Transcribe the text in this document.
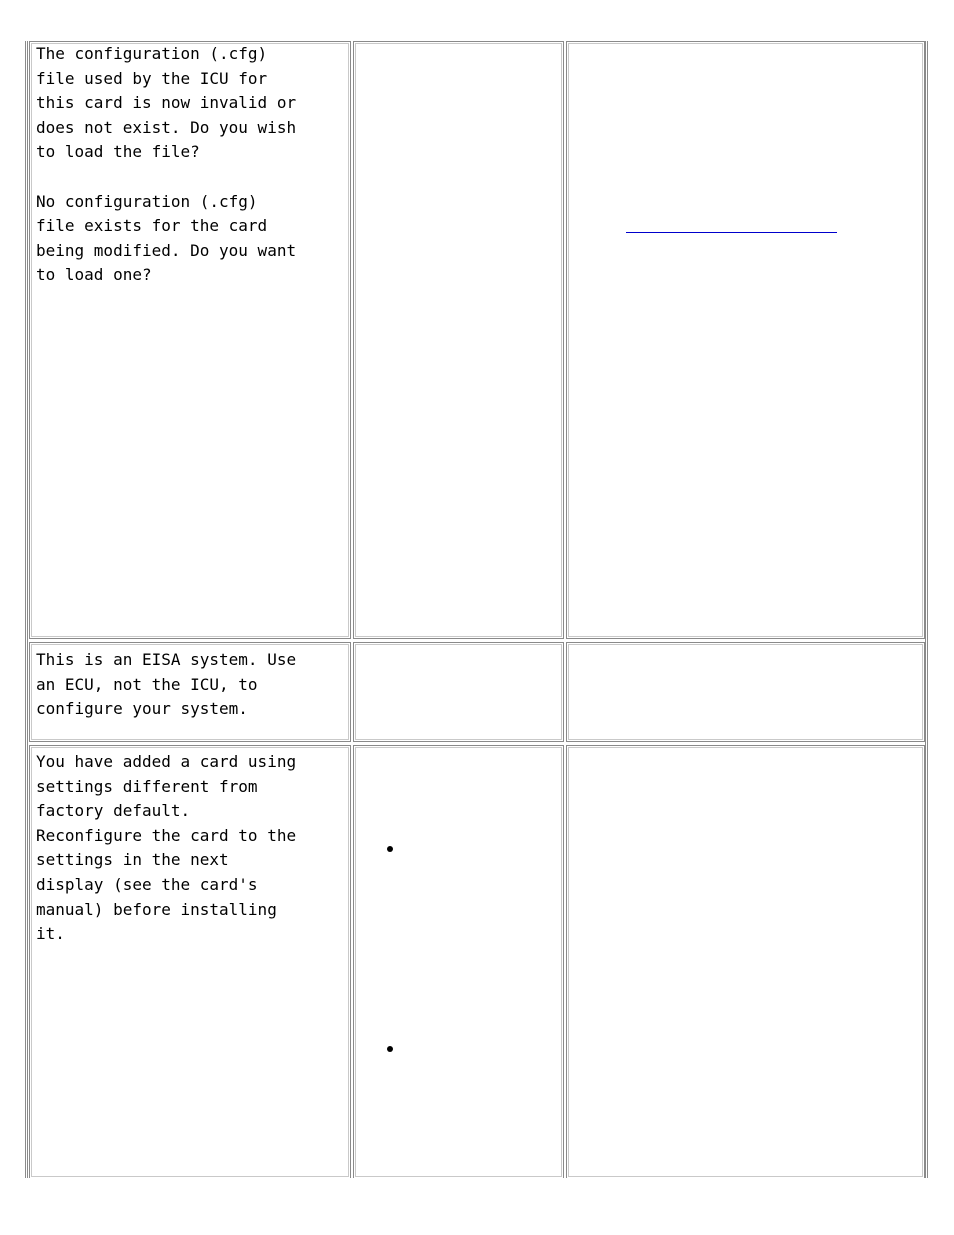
The configuration (.cfg)
file used by the ICU for
this card is now invalid or
does not exist. Do you wish
to load the file?

No configuration (.cfg)
file exists for the card
being modified. Do you want
to load one?

This is an EISA system. Use
an ECU, not the ICU, to
configure your system.

You have added a card using
settings different from
factory default.
Reconfigure the card to the
settings in the next
display (see the card's
manual) before installing
it.
